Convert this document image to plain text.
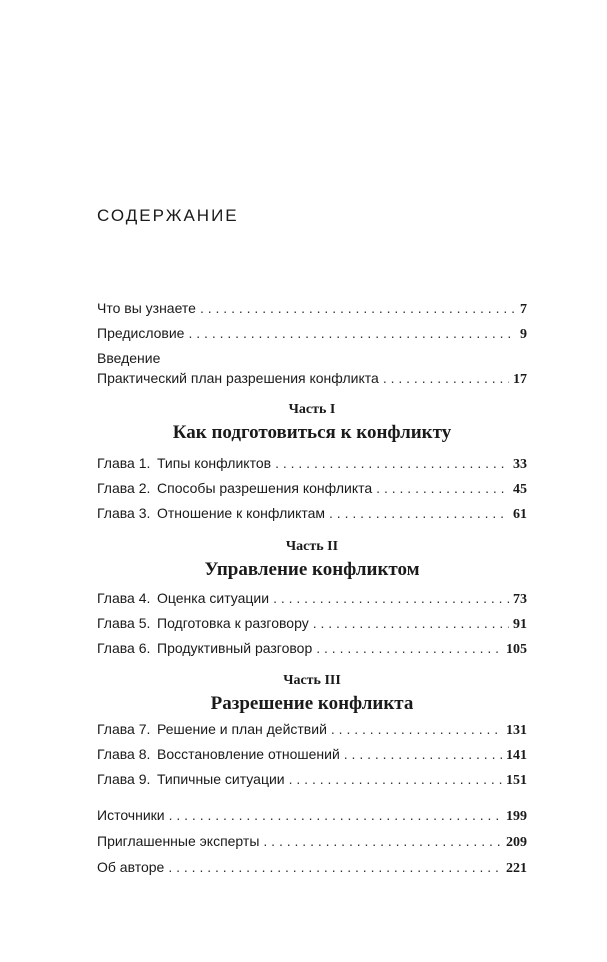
СОДЕРЖАНИЕ
Что вы узнаете . . .	7
Предисловие . . .	9
Введение
Практический план разрешения конфликта . . .	17
Часть I
Как подготовиться к конфликту
Глава 1. Типы конфликтов . . .	33
Глава 2. Способы разрешения конфликта . . .	45
Глава 3. Отношение к конфликтам . . .	61
Часть II
Управление конфликтом
Глава 4. Оценка ситуации . . .	73
Глава 5. Подготовка к разговору . . .	91
Глава 6. Продуктивный разговор . . .	105
Часть III
Разрешение конфликта
Глава 7. Решение и план действий . . .	131
Глава 8. Восстановление отношений . . .	141
Глава 9. Типичные ситуации . . .	151
Источники . . .	199
Приглашенные эксперты . . .	209
Об авторе . . .	221
